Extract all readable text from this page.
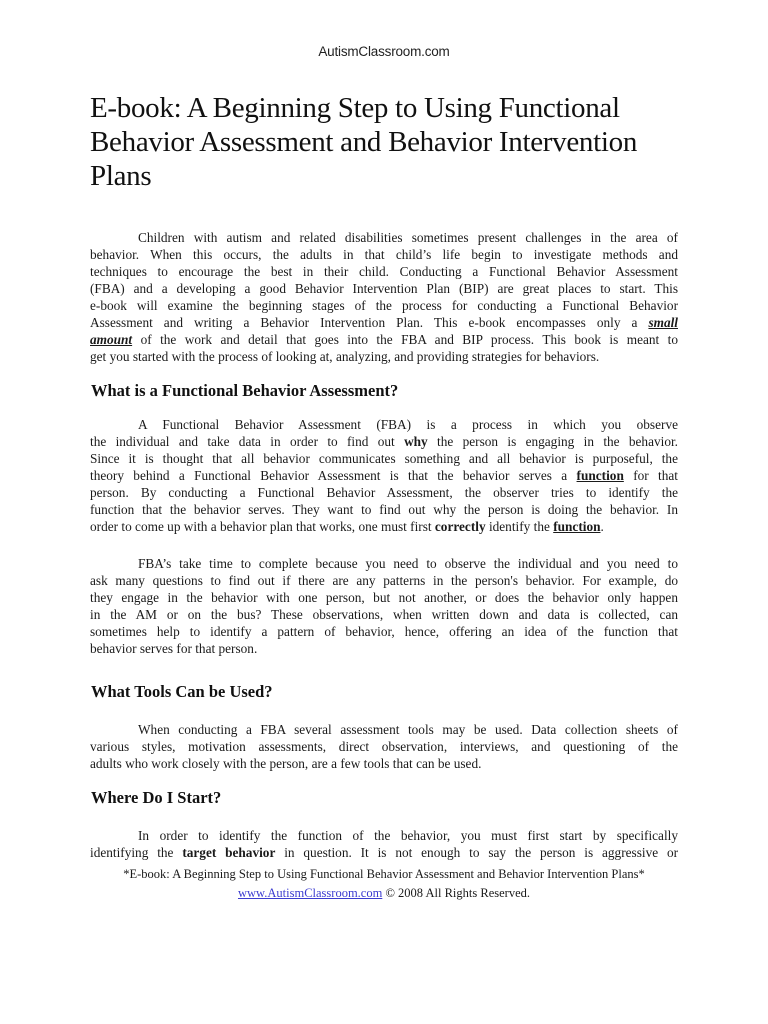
AutismClassroom.com
E-book: A Beginning Step to Using Functional
Behavior Assessment and Behavior Intervention
Plans
Children with autism and related disabilities sometimes present challenges in the area of
behavior. When this occurs, the adults in that child’s life begin to investigate methods and
techniques to encourage the best in their child. Conducting a Functional Behavior Assessment
(FBA) and a developing a good Behavior Intervention Plan (BIP) are great places to start. This
e-book will examine the beginning stages of the process for conducting a Functional Behavior
Assessment and writing a Behavior Intervention Plan. This e-book encompasses only a small
amount of the work and detail that goes into the FBA and BIP process. This book is meant to
get you started with the process of looking at, analyzing, and providing strategies for behaviors.
What is a Functional Behavior Assessment?
A Functional Behavior Assessment (FBA) is a process in which you observe
the individual and take data in order to find out why the person is engaging in the behavior.
Since it is thought that all behavior communicates something and all behavior is purposeful, the
theory behind a Functional Behavior Assessment is that the behavior serves a function for that
person. By conducting a Functional Behavior Assessment, the observer tries to identify the
function that the behavior serves. They want to find out why the person is doing the behavior. In
order to come up with a behavior plan that works, one must first correctly identify the function.
FBA’s take time to complete because you need to observe the individual and you need to
ask many questions to find out if there are any patterns in the person's behavior. For example, do
they engage in the behavior with one person, but not another, or does the behavior only happen
in the AM or on the bus? These observations, when written down and data is collected, can
sometimes help to identify a pattern of behavior, hence, offering an idea of the function that
behavior serves for that person.
What Tools Can be Used?
When conducting a FBA several assessment tools may be used. Data collection sheets of
various styles, motivation assessments, direct observation, interviews, and questioning of the
adults who work closely with the person, are a few tools that can be used.
Where Do I Start?
In order to identify the function of the behavior, you must first start by specifically
identifying the target behavior in question. It is not enough to say the person is aggressive or
*E-book: A Beginning Step to Using Functional Behavior Assessment and Behavior Intervention Plans*
www.AutismClassroom.com © 2008 All Rights Reserved.
